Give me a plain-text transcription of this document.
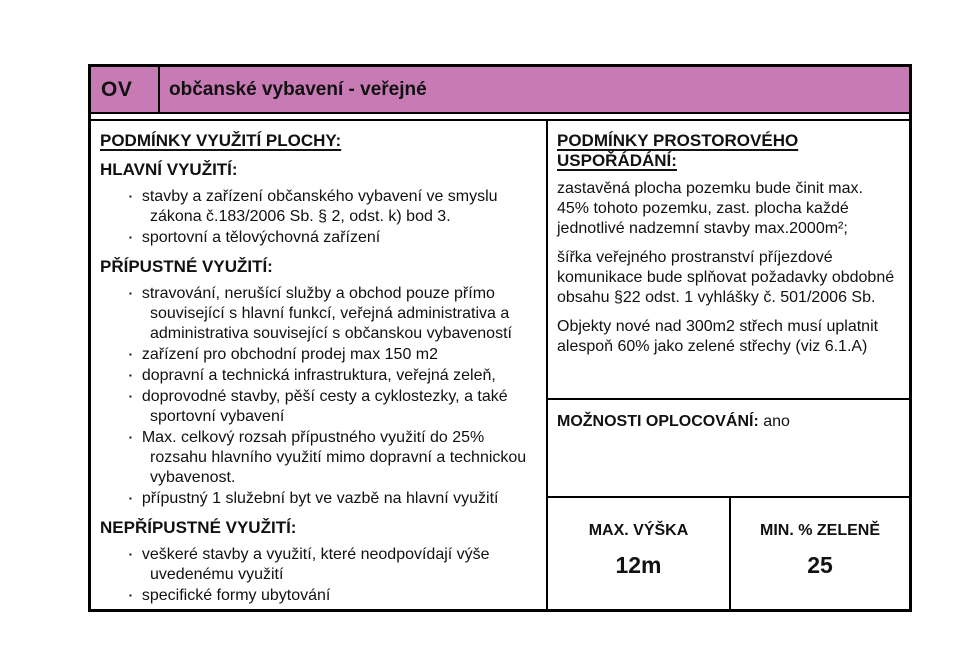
OV	občanské vybavení - veřejné
PODMÍNKY VYUŽITÍ PLOCHY:
HLAVNÍ VYUŽITÍ:
▪ stavby a zařízení občanského vybavení ve smyslu zákona č.183/2006 Sb. § 2, odst. k) bod 3.
▪ sportovní a tělovýchovná zařízení
PŘÍPUSTNÉ VYUŽITÍ:
▪ stravování, nerušící služby a obchod pouze přímo související s hlavní funkcí, veřejná administrativa a administrativa související s občanskou vybaveností
▪ zařízení pro obchodní prodej max 150 m2
▪ dopravní a technická infrastruktura, veřejná zeleň,
▪ doprovodné stavby, pěší cesty a cyklostezky, a také sportovní vybavení
▪ Max. celkový rozsah přípustného využití do 25% rozsahu hlavního využití mimo dopravní a technickou vybavenost.
▪ přípustný 1 služební byt ve vazbě na hlavní využití
NEPŘÍPUSTNÉ VYUŽITÍ:
▪ veškeré stavby a využití, které neodpovídají výše uvedenému využití
▪ specifické formy ubytování
PODMÍNKY PROSTOROVÉHO USPOŘÁDÁNÍ:

zastavěná plocha pozemku bude činit max. 45% tohoto pozemku, zast. plocha každé jednotlivé nadzemní stavby max.2000m²;

šířka veřejného prostranství příjezdové komunikace bude splňovat požadavky obdobné obsahu §22 odst. 1 vyhlášky č. 501/2006 Sb.

Objekty nové nad 300m2 střech musí uplatnit alespoň 60% jako zelené střechy (viz 6.1.A)

MOŽNOSTI OPLOCOVÁNÍ: ano
MAX. VÝŠKA
12m
MIN. % ZELENĚ
25
